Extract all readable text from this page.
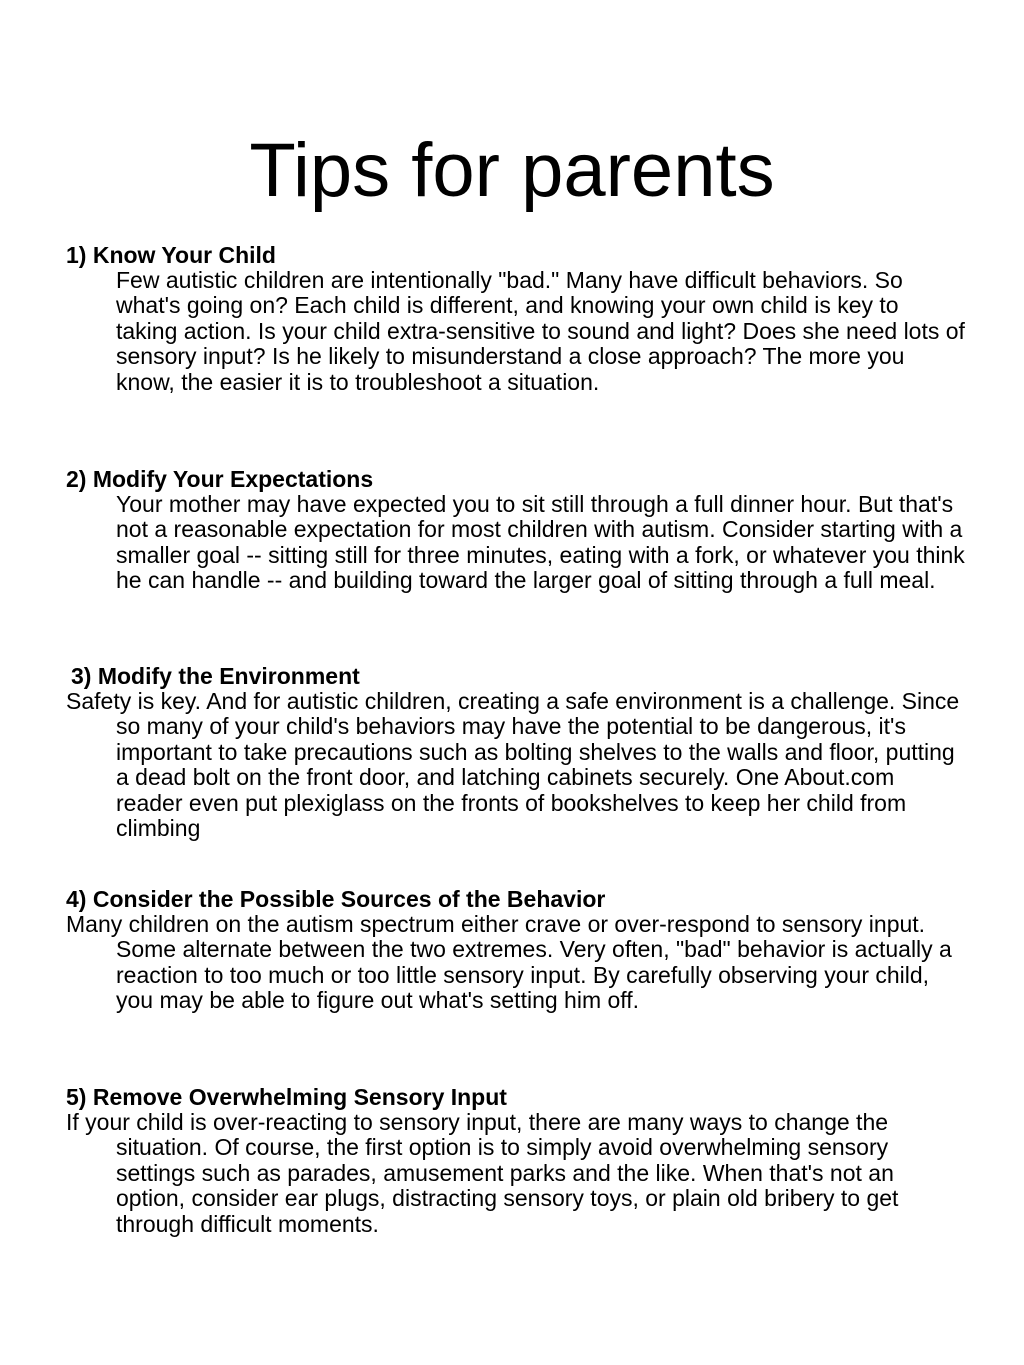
Tips for parents

1) Know Your Child

Few autistic children are intentionally "bad." Many have difficult behaviors. So what's going on? Each child is different, and knowing your own child is key to taking action. Is your child extra-sensitive to sound and light? Does she need lots of sensory input? Is he likely to misunderstand a close approach? The more you know, the easier it is to troubleshoot a situation.

2) Modify Your Expectations

Your mother may have expected you to sit still through a full dinner hour. But that's not a reasonable expectation for most children with autism. Consider starting with a smaller goal -- sitting still for three minutes, eating with a fork, or whatever you think he can handle -- and building toward the larger goal of sitting through a full meal.

3) Modify the Environment

Safety is key. And for autistic children, creating a safe environment is a challenge. Since so many of your child's behaviors may have the potential to be dangerous, it's important to take precautions such as bolting shelves to the walls and floor, putting a dead bolt on the front door, and latching cabinets securely. One About.com reader even put plexiglass on the fronts of bookshelves to keep her child from climbing

4) Consider the Possible Sources of the Behavior

Many children on the autism spectrum either crave or over-respond to sensory input. Some alternate between the two extremes. Very often, "bad" behavior is actually a reaction to too much or too little sensory input. By carefully observing your child, you may be able to figure out what's setting him off.

5) Remove Overwhelming Sensory Input

If your child is over-reacting to sensory input, there are many ways to change the situation. Of course, the first option is to simply avoid overwhelming sensory settings such as parades, amusement parks and the like. When that's not an option, consider ear plugs, distracting sensory toys, or plain old bribery to get through difficult moments.
